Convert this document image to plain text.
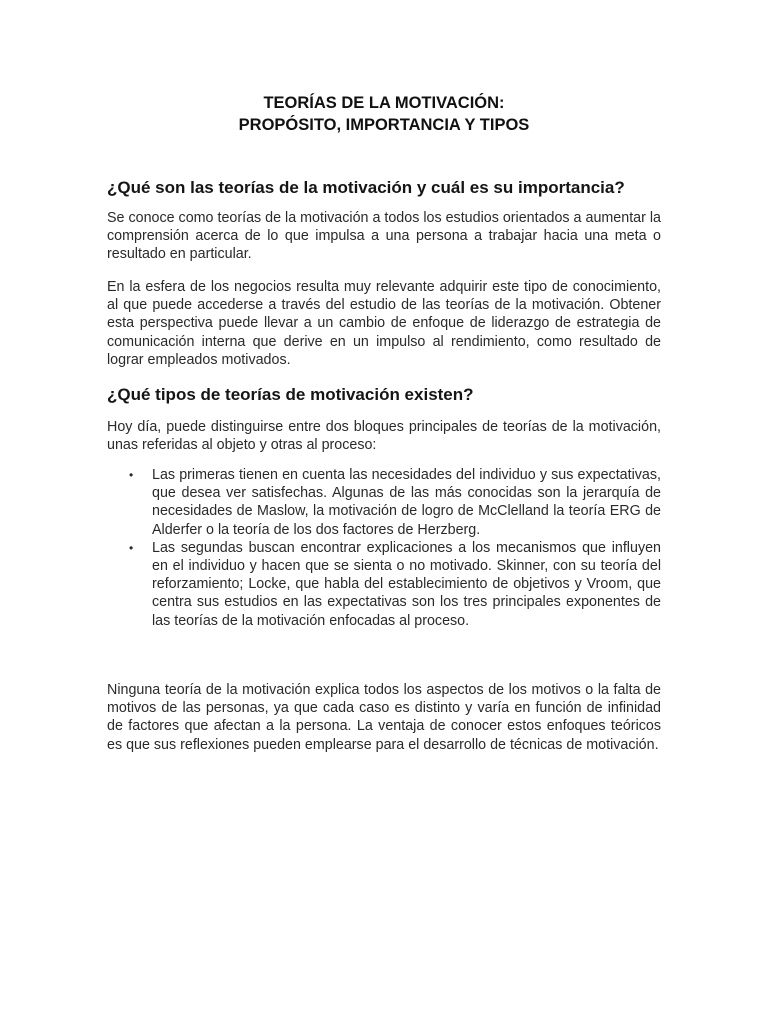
TEORÍAS DE LA MOTIVACIÓN:
PROPÓSITO, IMPORTANCIA Y TIPOS
¿Qué son las teorías de la motivación y cuál es su importancia?
Se conoce como teorías de la motivación a todos los estudios orientados a aumentar la comprensión acerca de lo que impulsa a una persona a trabajar hacia una meta o resultado en particular.
En la esfera de los negocios resulta muy relevante adquirir este tipo de conocimiento, al que puede accederse a través del estudio de las teorías de la motivación. Obtener esta perspectiva puede llevar a un cambio de enfoque de liderazgo de estrategia de comunicación interna que derive en un impulso al rendimiento, como resultado de lograr empleados motivados.
¿Qué tipos de teorías de motivación existen?
Hoy día, puede distinguirse entre dos bloques principales de teorías de la motivación, unas referidas al objeto y otras al proceso:
• Las primeras tienen en cuenta las necesidades del individuo y sus expectativas, que desea ver satisfechas. Algunas de las más conocidas son la jerarquía de necesidades de Maslow, la motivación de logro de McClelland la teoría ERG de Alderfer o la teoría de los dos factores de Herzberg.
• Las segundas buscan encontrar explicaciones a los mecanismos que influyen en el individuo y hacen que se sienta o no motivado. Skinner, con su teoría del reforzamiento; Locke, que habla del establecimiento de objetivos y Vroom, que centra sus estudios en las expectativas son los tres principales exponentes de las teorías de la motivación enfocadas al proceso.
Ninguna teoría de la motivación explica todos los aspectos de los motivos o la falta de motivos de las personas, ya que cada caso es distinto y varía en función de infinidad de factores que afectan a la persona. La ventaja de conocer estos enfoques teóricos es que sus reflexiones pueden emplearse para el desarrollo de técnicas de motivación.
